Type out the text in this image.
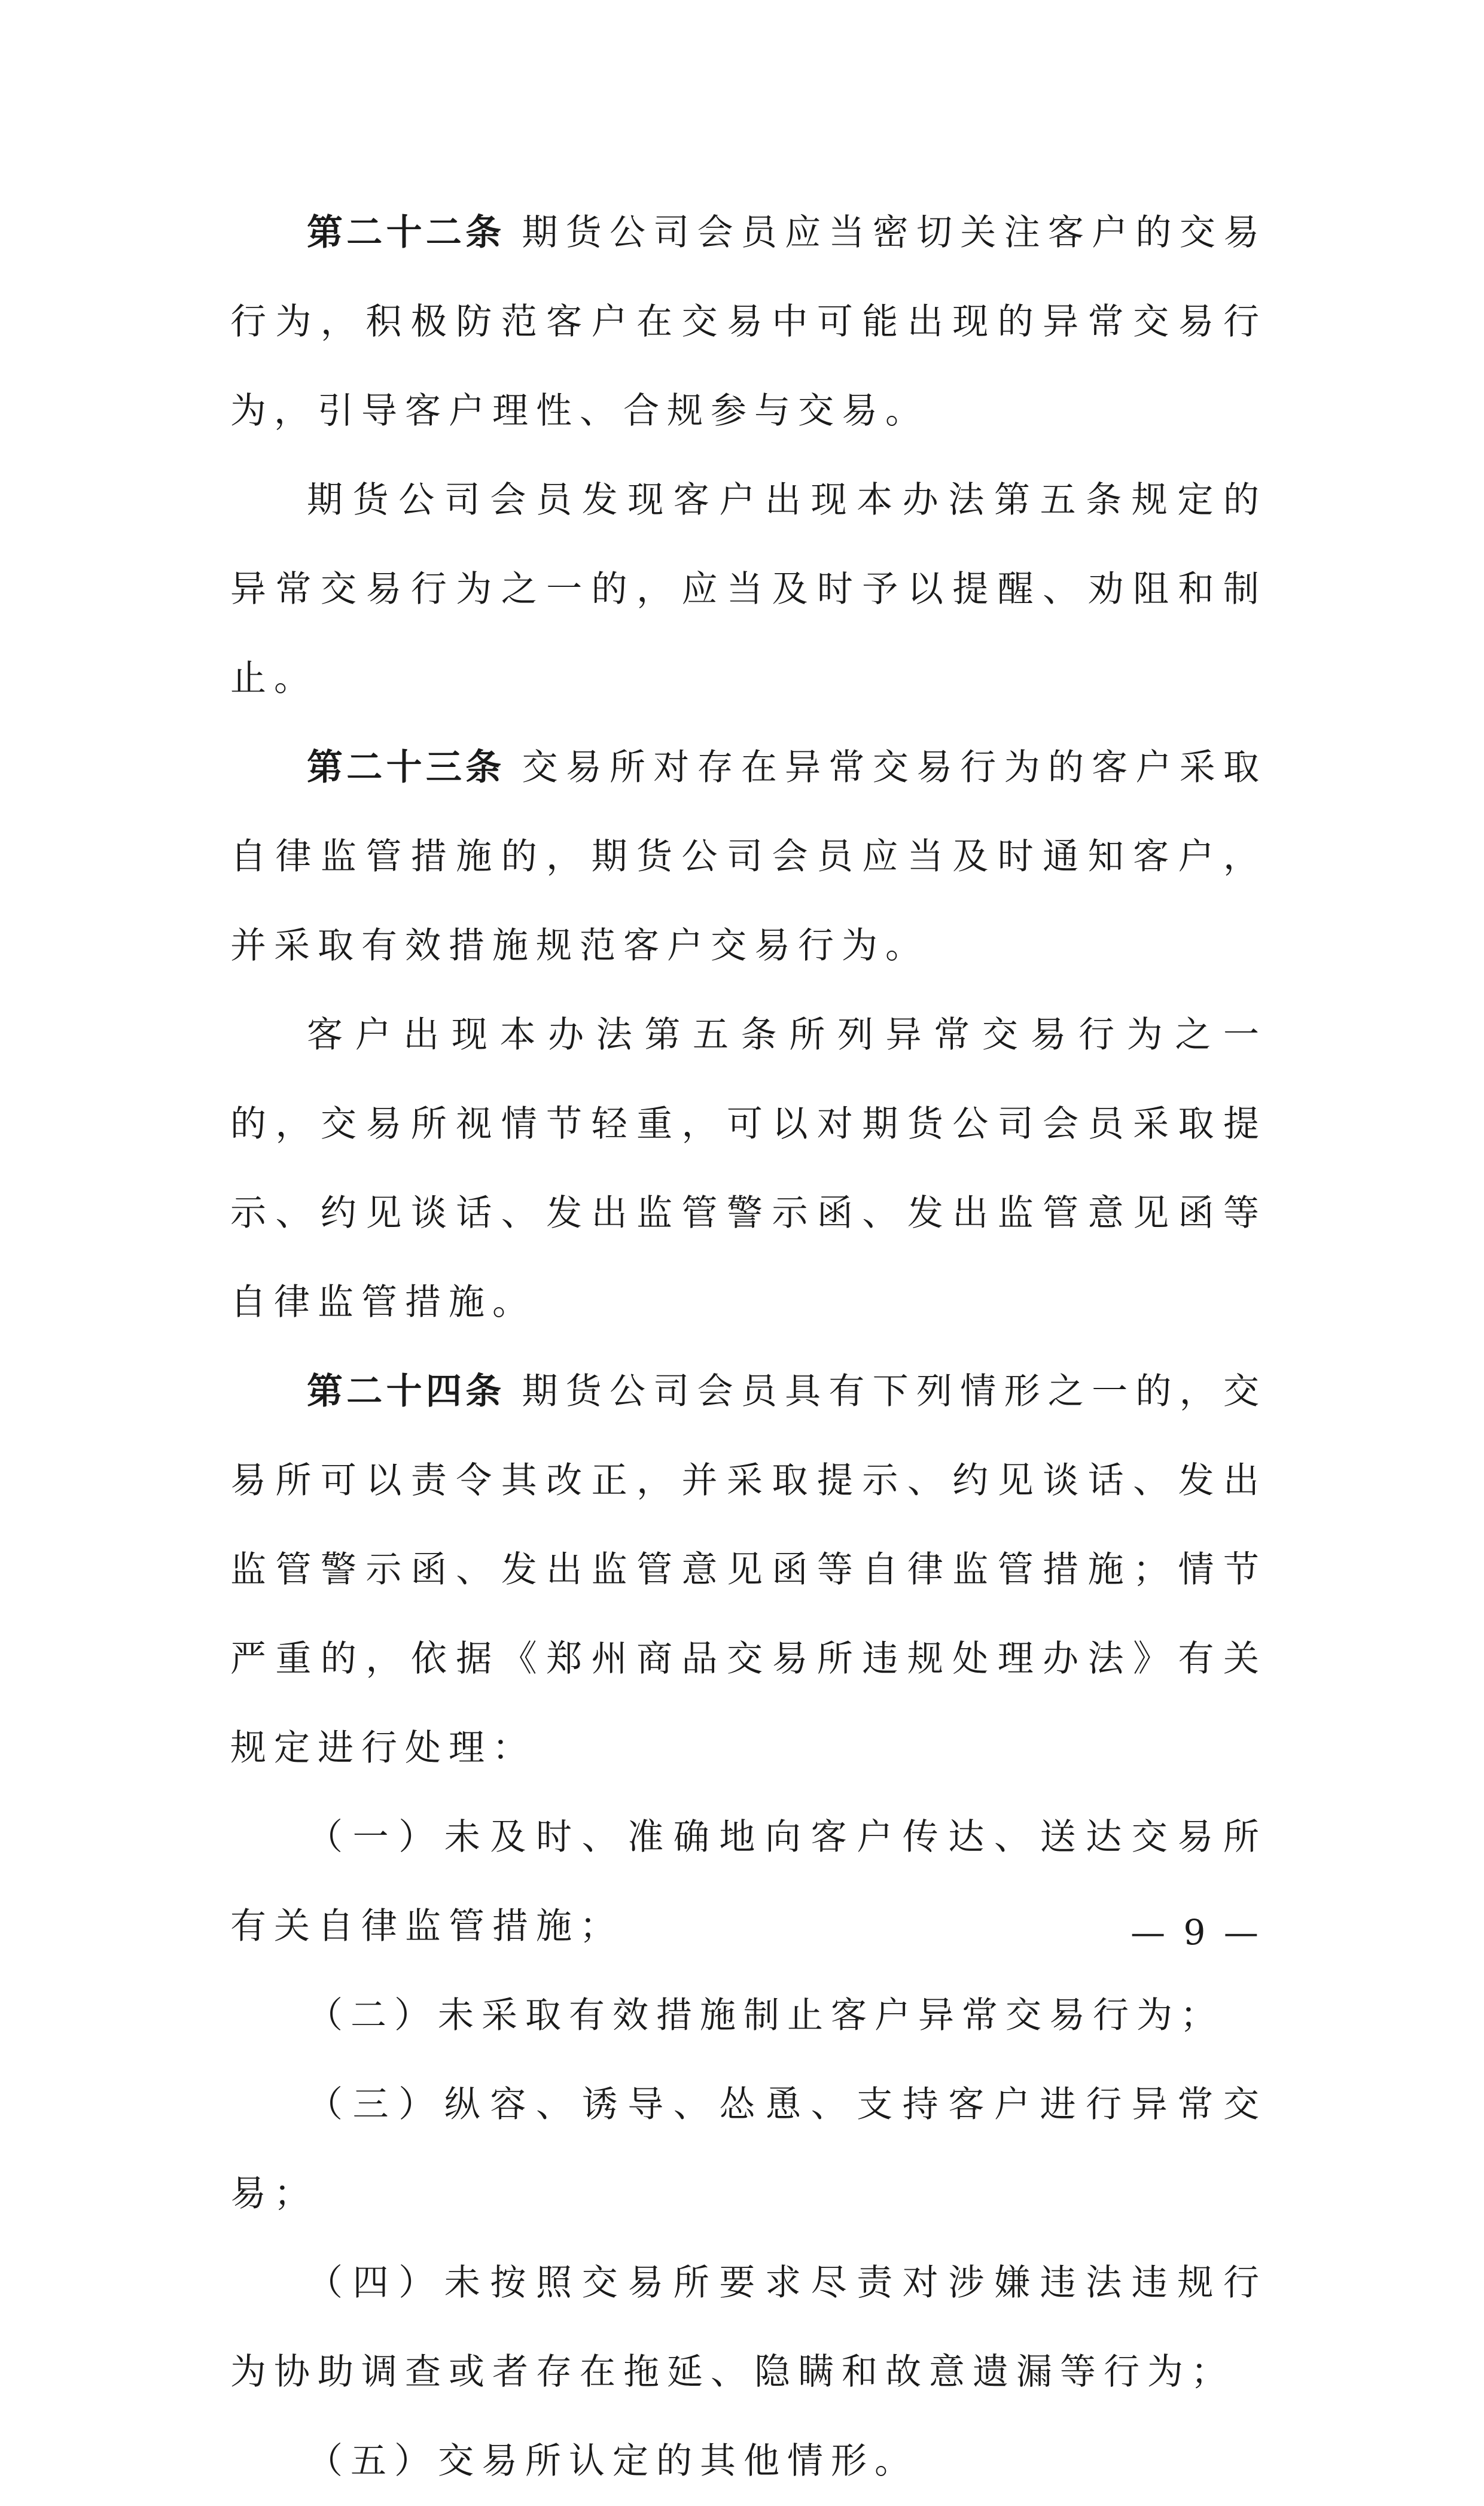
第二十二条 期货公司会员应当密切关注客户的交易行为，积极防范客户在交易中可能出现的异常交易行为，引导客户理性、合规参与交易。

期货公司会员发现客户出现本办法第五条规定的异常交易行为之一的，应当及时予以提醒、劝阻和制止。

第二十三条 交易所对存在异常交易行为的客户采取自律监管措施的，期货公司会员应当及时通知客户，并采取有效措施规范客户交易行为。

客户出现本办法第五条所列异常交易行为之一的，交易所视情节轻重，可以对期货公司会员采取提示、约见谈话、发出监管警示函、发出监管意见函等自律监管措施。

第二十四条 期货公司会员具有下列情形之一的，交易所可以责令其改正，并采取提示、约见谈话、发出监管警示函、发出监管意见函等自律监管措施；情节严重的，依据《郑州商品交易所违规处理办法》有关规定进行处理：

（一）未及时、准确地向客户传达、送达交易所有关自律监管措施；

（二）未采取有效措施制止客户异常交易行为；

（三）纵容、诱导、怂恿、支持客户进行异常交易；

（四）未按照交易所要求尽责对涉嫌违法违规行为协助调查或者存在拖延、隐瞒和故意遗漏等行为；

（五）交易所认定的其他情形。

— 9 —
